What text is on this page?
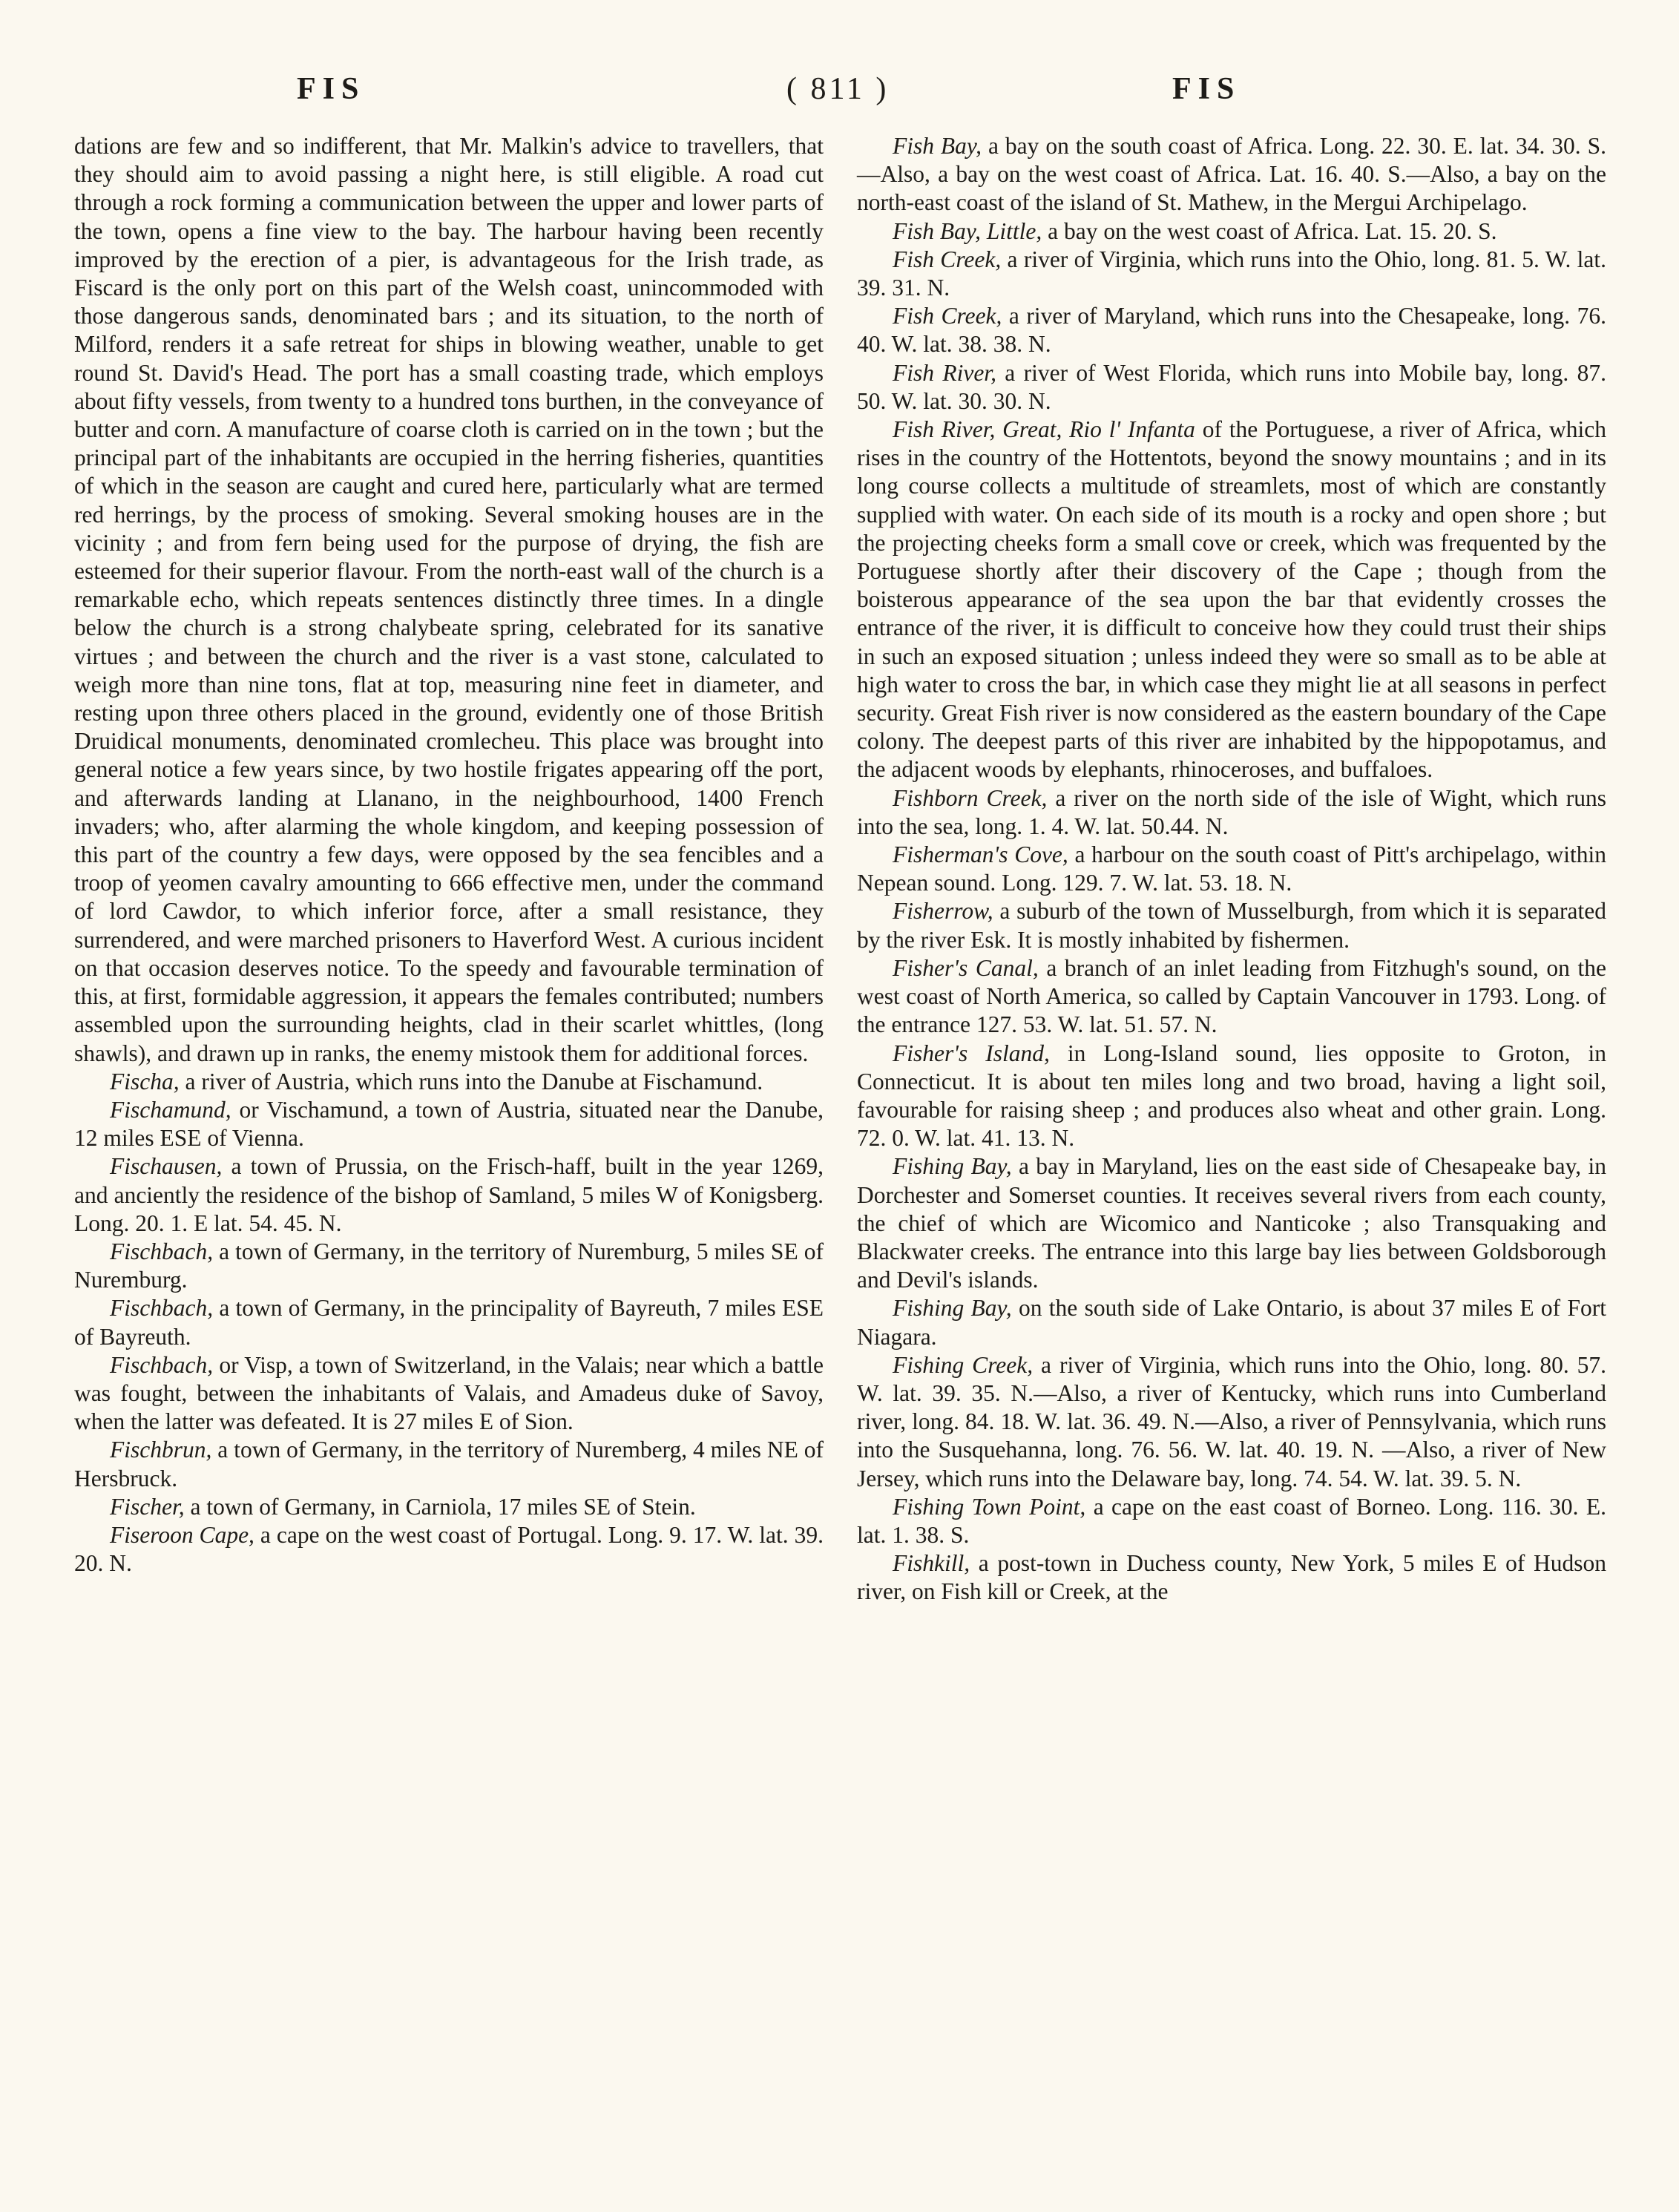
FIS	( 811 )	FIS

dations are few and so indifferent, that Mr. Malkin's advice to travellers, that they should aim to avoid passing a night here, is still eligible. A road cut through a rock forming a communication between the upper and lower parts of the town, opens a fine view to the bay. The harbour having been recently improved by the erection of a pier, is advantageous for the Irish trade, as Fiscard is the only port on this part of the Welsh coast, unincommoded with those dangerous sands, denominated bars ; and its situation, to the north of Milford, renders it a safe retreat for ships in blowing weather, unable to get round St. David's Head. The port has a small coasting trade, which employs about fifty vessels, from twenty to a hundred tons burthen, in the conveyance of butter and corn. A manufacture of coarse cloth is carried on in the town ; but the principal part of the inhabitants are occupied in the herring fisheries, quantities of which in the season are caught and cured here, particularly what are termed red herrings, by the process of smoking. Several smoking houses are in the vicinity ; and from fern being used for the purpose of drying, the fish are esteemed for their superior flavour. From the north-east wall of the church is a remarkable echo, which repeats sentences distinctly three times. In a dingle below the church is a strong chalybeate spring, celebrated for its sanative virtues ; and between the church and the river is a vast stone, calculated to weigh more than nine tons, flat at top, measuring nine feet in diameter, and resting upon three others placed in the ground, evidently one of those British Druidical monuments, denominated cromlecheu. This place was brought into general notice a few years since, by two hostile frigates appearing off the port, and afterwards landing at Llanano, in the neighbourhood, 1400 French invaders; who, after alarming the whole kingdom, and keeping possession of this part of the country a few days, were opposed by the sea fencibles and a troop of yeomen cavalry amounting to 666 effective men, under the command of lord Cawdor, to which inferior force, after a small resistance, they surrendered, and were marched prisoners to Haverford West. A curious incident on that occasion deserves notice. To the speedy and favourable termination of this, at first, formidable aggression, it appears the females contributed; numbers assembled upon the surrounding heights, clad in their scarlet whittles, (long shawls), and drawn up in ranks, the enemy mistook them for additional forces.

Fischa, a river of Austria, which runs into the Danube at Fischamund.

Fischamund, or Vischamund, a town of Austria, situated near the Danube, 12 miles ESE of Vienna.

Fischausen, a town of Prussia, on the Frisch-haff, built in the year 1269, and anciently the residence of the bishop of Samland, 5 miles W of Konigsberg. Long. 20. 1. E lat. 54. 45. N.

Fischbach, a town of Germany, in the territory of Nuremburg, 5 miles SE of Nuremburg.

Fischbach, a town of Germany, in the principality of Bayreuth, 7 miles ESE of Bayreuth.

Fischbach, or Visp, a town of Switzerland, in the Valais; near which a battle was fought, between the inhabitants of Valais, and Amadeus duke of Savoy, when the latter was defeated. It is 27 miles E of Sion.

Fischbrun, a town of Germany, in the territory of Nuremberg, 4 miles NE of Hersbruck.

Fischer, a town of Germany, in Carniola, 17 miles SE of Stein.

Fiseroon Cape, a cape on the west coast of Portugal. Long. 9. 17. W. lat. 39. 20. N.

Fish Bay, a bay on the south coast of Africa. Long. 22. 30. E. lat. 34. 30. S.—Also, a bay on the west coast of Africa. Lat. 16. 40. S.—Also, a bay on the north-east coast of the island of St. Mathew, in the Mergui Archipelago.

Fish Bay, Little, a bay on the west coast of Africa. Lat. 15. 20. S.

Fish Creek, a river of Virginia, which runs into the Ohio, long. 81. 5. W. lat. 39. 31. N.

Fish Creek, a river of Maryland, which runs into the Chesapeake, long. 76. 40. W. lat. 38. 38. N.

Fish River, a river of West Florida, which runs into Mobile bay, long. 87. 50. W. lat. 30. 30. N.

Fish River, Great, Rio l' Infanta of the Portuguese, a river of Africa, which rises in the country of the Hottentots, beyond the snowy mountains ; and in its long course collects a multitude of streamlets, most of which are constantly supplied with water. On each side of its mouth is a rocky and open shore ; but the projecting cheeks form a small cove or creek, which was frequented by the Portuguese shortly after their discovery of the Cape ; though from the boisterous appearance of the sea upon the bar that evidently crosses the entrance of the river, it is difficult to conceive how they could trust their ships in such an exposed situation ; unless indeed they were so small as to be able at high water to cross the bar, in which case they might lie at all seasons in perfect security. Great Fish river is now considered as the eastern boundary of the Cape colony. The deepest parts of this river are inhabited by the hippopotamus, and the adjacent woods by elephants, rhinoceroses, and buffaloes.

Fishborn Creek, a river on the north side of the isle of Wight, which runs into the sea, long. 1. 4. W. lat. 50.44. N.

Fisherman's Cove, a harbour on the south coast of Pitt's archipelago, within Nepean sound. Long. 129. 7. W. lat. 53. 18. N.

Fisherrow, a suburb of the town of Musselburgh, from which it is separated by the river Esk. It is mostly inhabited by fishermen.

Fisher's Canal, a branch of an inlet leading from Fitzhugh's sound, on the west coast of North America, so called by Captain Vancouver in 1793. Long. of the entrance 127. 53. W. lat. 51. 57. N.

Fisher's Island, in Long-Island sound, lies opposite to Groton, in Connecticut. It is about ten miles long and two broad, having a light soil, favourable for raising sheep ; and produces also wheat and other grain. Long. 72. 0. W. lat. 41. 13. N.

Fishing Bay, a bay in Maryland, lies on the east side of Chesapeake bay, in Dorchester and Somerset counties. It receives several rivers from each county, the chief of which are Wicomico and Nanticoke ; also Transquaking and Blackwater creeks. The entrance into this large bay lies between Goldsborough and Devil's islands.

Fishing Bay, on the south side of Lake Ontario, is about 37 miles E of Fort Niagara.

Fishing Creek, a river of Virginia, which runs into the Ohio, long. 80. 57. W. lat. 39. 35. N.—Also, a river of Kentucky, which runs into Cumberland river, long. 84. 18. W. lat. 36. 49. N.—Also, a river of Pennsylvania, which runs into the Susquehanna, long. 76. 56. W. lat. 40. 19. N. —Also, a river of New Jersey, which runs into the Delaware bay, long. 74. 54. W. lat. 39. 5. N.

Fishing Town Point, a cape on the east coast of Borneo. Long. 116. 30. E. lat. 1. 38. S.

Fishkill, a post-town in Duchess county, New York, 5 miles E of Hudson river, on Fish kill or Creek, at the
